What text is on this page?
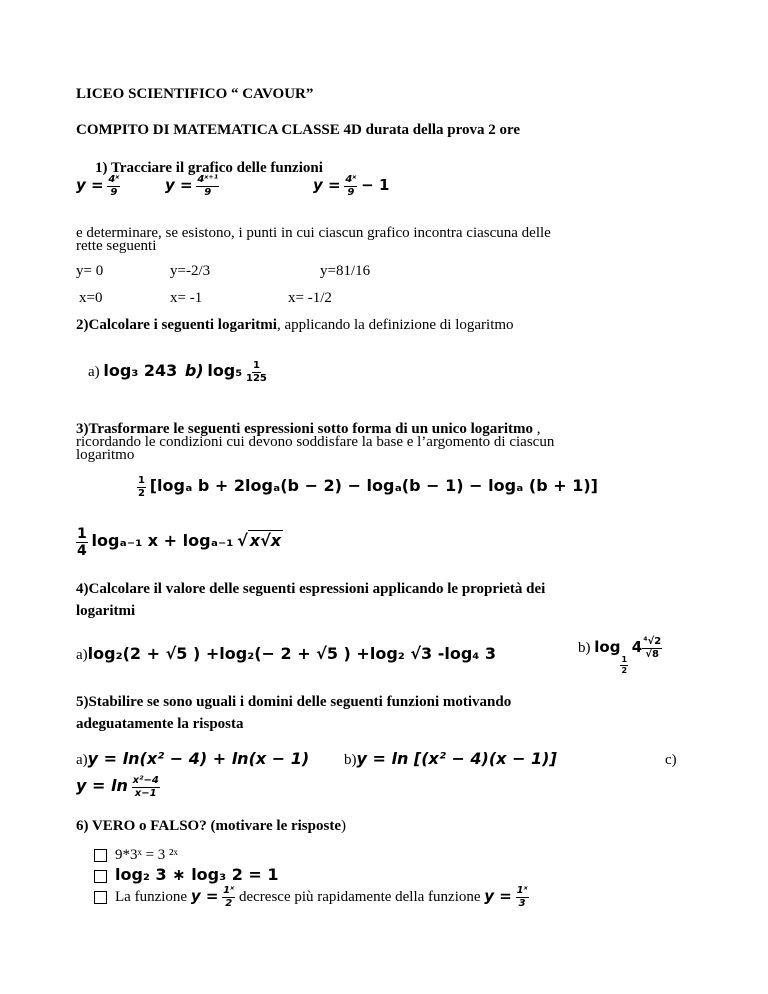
LICEO SCIENTIFICO “ CAVOUR”
COMPITO DI MATEMATICA CLASSE 4D durata della prova 2 ore
1) Tracciare il grafico delle funzioni
$y = \frac{\text{4ˣ}}{9}$	$y = \frac{\text{4ˣ⁺¹}}{9}$	$y = \frac{\text{4ˣ}}{9} - 1$
e determinare, se esistono, i punti in cui ciascun grafico incontra ciascuna delle
rette seguenti
y= 0	y=-2/3	y=81/16
x=0	x= -1	x= -1/2
2)Calcolare i seguenti logaritmi, applicando la definizione di logaritmo
a) log₃ 243 b) $\log_5 \frac{1}{125}$
3)Trasformare le seguenti espressioni sotto forma di un unico logaritmo ,
ricordando le condizioni cui devono soddisfare la base e l’argomento di ciascun
logaritmo
$\frac{1}{2} [\log_a$ b + 2logₐ(b − 2) − logₐ(b − 1) − logₐ (b + 1)]
$\frac{1}{4} \log_{a-1}$ x + logₐ₋₁ √ x√x
4)Calcolare il valore delle seguenti espressioni applicando le proprietà dei
logaritmi
a)log₂(2 + √5 ) +log₂(− 2 + √5 ) +log₂ √3 -log₄ 3	b) log
$\frac{1}{2}$
$4 \frac{\text{⁴√2}}{√8}$
5)Stabilire se sono uguali i domini delle seguenti funzioni motivando
adeguatamente la risposta
a)y = ln(x² − 4) + ln(x − 1) b)y = ln [(x² − 4)(x − 1)]	c)
$y = \ln \frac{\text{x²−4}}{x-1}$
6) VERO o FALSO? (motivare le risposte)
9*3ˣ = 3 ²ˣ
log₂ 3 ∗ log₃ 2 = 1
La funzione $y = \frac{\text{1ˣ}}{2}$ decresce più rapidamente della funzione $y = \frac{\text{1ˣ}}{3}$
